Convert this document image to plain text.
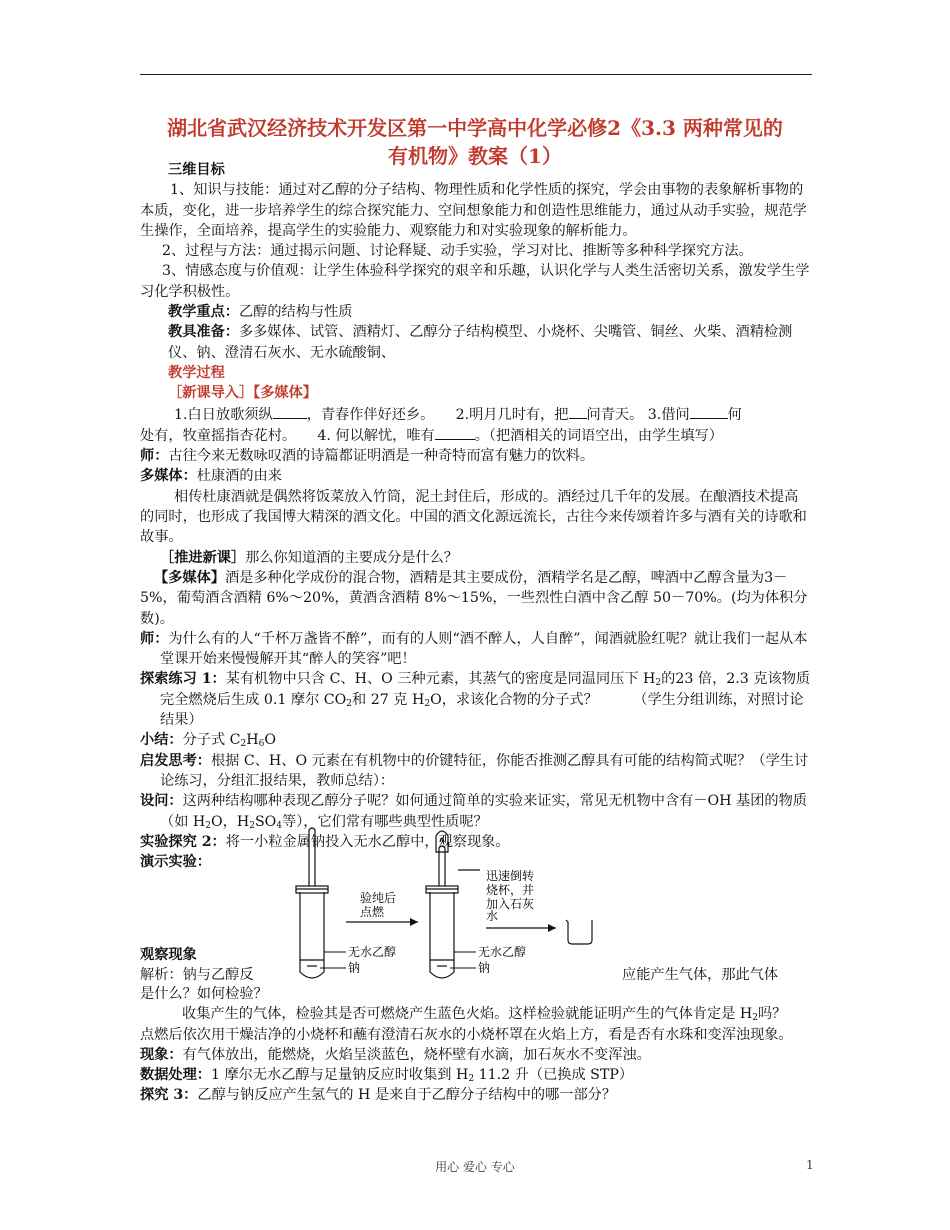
湖北省武汉经济技术开发区第一中学高中化学必修2《3.3 两种常见的
有机物》教案（1）

三维目标

1、知识与技能：通过对乙醇的分子结构、物理性质和化学性质的探究，学会由事物的表象解析事物的本质，变化，进一步培养学生的综合探究能力、空间想象能力和创造性思维能力，通过从动手实验，规范学生操作，全面培养，提高学生的实验能力、观察能力和对实验现象的解析能力。

2、过程与方法：通过揭示问题、讨论释疑、动手实验，学习对比、推断等多种科学探究方法。

3、情感态度与价值观：让学生体验科学探究的艰辛和乐趣，认识化学与人类生活密切关系，激发学生学习化学积极性。

教学重点：乙醇的结构与性质

教具准备：多多媒体、试管、酒精灯、乙醇分子结构模型、小烧杯、尖嘴管、铜丝、火柴、酒精检测仪、钠、澄清石灰水、无水硫酸铜、

教学过程

［新课导入］【多媒体】

1.白日放歌须纵 ，青春作伴好还乡。　　2.明月几时有，把 问青天。 3.借问	何

处有，牧童摇指杏花村。　　4. 何以解忧，唯有	。（把酒相关的词语空出，由学生填写）

师：古往今来无数咏叹酒的诗篇都证明酒是一种奇特而富有魅力的饮料。

多媒体：杜康酒的由来

相传杜康酒就是偶然将饭菜放入竹筒，泥土封住后，形成的。酒经过几千年的发展。在酿酒技术提高的同时，也形成了我国博大精深的酒文化。中国的酒文化源远流长，古往今来传颂着许多与酒有关的诗歌和故事。

［推进新课］那么你知道酒的主要成分是什么？

【多媒体】酒是多种化学成份的混合物，酒精是其主要成份，酒精学名是乙醇，啤酒中乙醇含量为3－5%，葡萄酒含酒精 6%～20%，黄酒含酒精 8%～15%，一些烈性白酒中含乙醇 50－70%。(均为体积分数)。

师：为什么有的人“千杯万盏皆不醉”，而有的人则“酒不醉人，人自醉”，闻酒就脸红呢？就让我们一起从本堂课开始来慢慢解开其“醉人的笑容”吧！

探索练习 1：某有机物中只含 C、H、O 三种元素，其蒸气的密度是同温同压下 $H_2$的23 倍，2.3 克该物质完全燃烧后生成 0.1 摩尔 $CO_2$和 27 克 $H_2O$，求该化合物的分子式？　　　（学生分组训练，对照讨论结果）

小结：分子式 $C_2H_6O$

启发思考：根据 C、H、O 元素在有机物中的价键特征，你能否推测乙醇具有可能的结构简式呢？（学生讨论练习，分组汇报结果，教师总结）：

设问：这两种结构哪种表现乙醇分子呢？如何通过简单的实验来证实，常见无机物中含有－OH 基团的物质（如 $H_2O$，$H_2SO_4$等），它们常有哪些典型性质呢？

实验探究 2：将一小粒金属钠投入无水乙醇中，观察现象。

演示实验：

无水乙醇
钠
验纯后
点燃
无水乙醇
钠
迅速倒转
烧杯，并
加入石灰
水
观察现象
解析：钠与乙醇反	应能产生气体，那此气体

是什么？如何检验？

收集产生的气体，检验其是否可燃烧产生蓝色火焰。这样检验就能证明产生的气体肯定是 $H_2$吗？　　　点燃后依次用干燥洁净的小烧杯和蘸有澄清石灰水的小烧杯罩在火焰上方，看是否有水珠和变浑浊现象。

现象：有气体放出，能燃烧，火焰呈淡蓝色，烧杯壁有水滴，加石灰水不变浑浊。

数据处理：1 摩尔无水乙醇与足量钠反应时收集到 $H_2$ 11.2 升（已换成 STP）

探究 3：乙醇与钠反应产生氢气的 H 是来自于乙醇分子结构中的哪一部分？

用心 爱心 专心	1
